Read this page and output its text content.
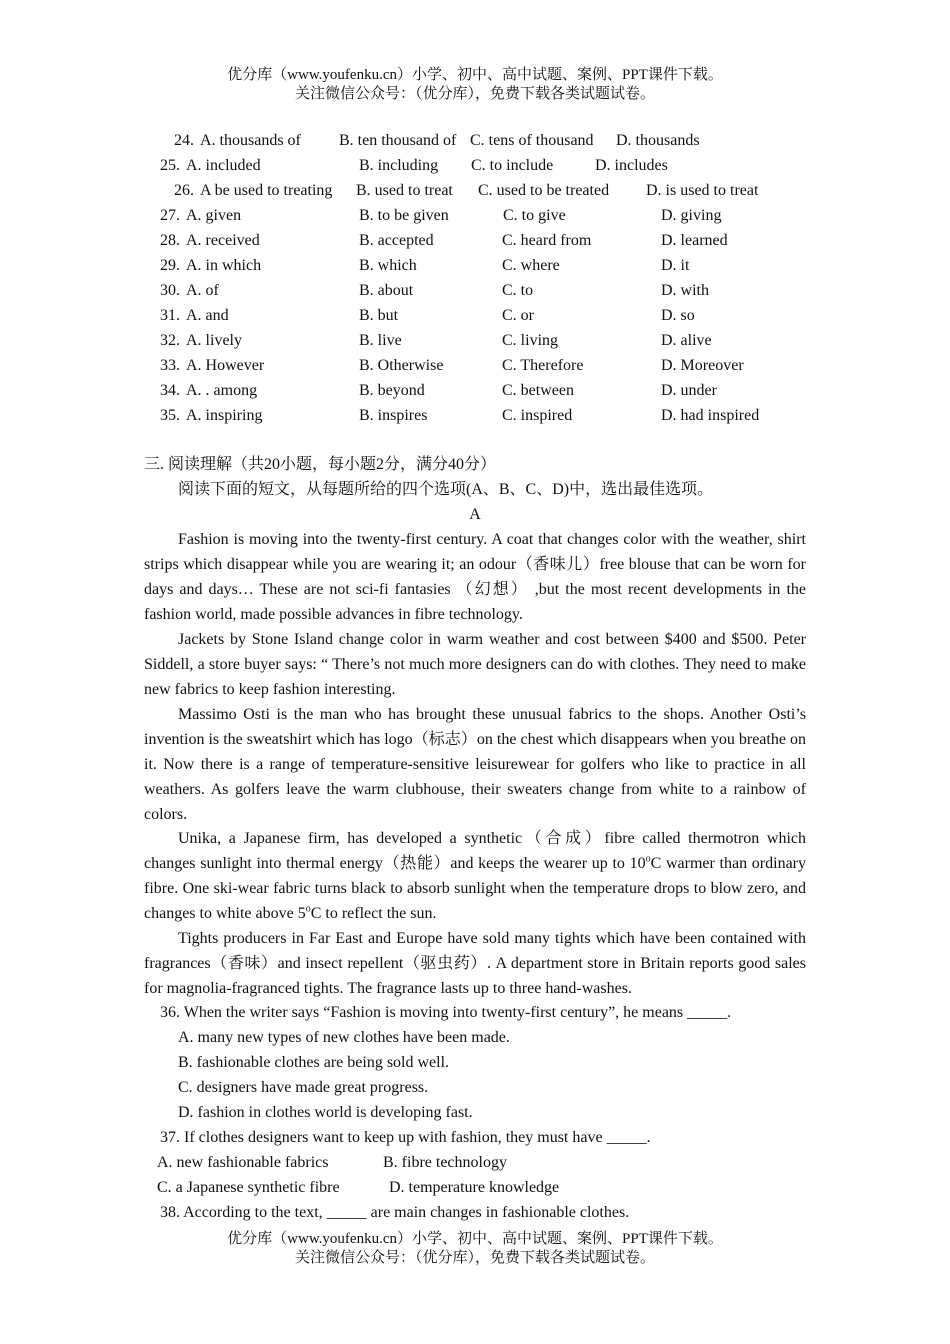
优分库（www.youfenku.cn）小学、初中、高中试题、案例、PPT课件下载。
关注微信公众号：（优分库），免费下载各类试题试卷。
24. A. thousands of B. ten thousand of C. tens of thousand D. thousands
25. A. included	B. including C. to include	D. includes
26. A be used to treating B. used to treat C. used to be treated D. is used to treat
27. A. given	B. to be given	C. to give	D. giving
28. A. received	B. accepted	C. heard from	D. learned
29. A. in which	B. which	C. where	D. it
30. A. of	B. about	C. to	D. with
31. A. and	B. but	C. or	D. so
32. A. lively	B. live	C. living	D. alive
33. A. However	B. Otherwise	C. Therefore	D. Moreover
34. A. . among	B. beyond	C. between	D. under
35. A. inspiring	B. inspires	C. inspired	D. had inspired
三. 阅读理解（共20小题，每小题2分，满分40分）
阅读下面的短文，从每题所给的四个选项(A、B、C、D)中，选出最佳选项。
A

Fashion is moving into the twenty-first century. A coat that changes color with the weather, shirt strips which disappear while you are wearing it; an odour（香味儿）free blouse that can be worn for days and days… These are not sci-fi fantasies （幻想） ,but the most recent developments in the fashion world, made possible advances in fibre technology.

Jackets by Stone Island change color in warm weather and cost between $400 and $500. Peter Siddell, a store buyer says: “ There’s not much more designers can do with clothes. They need to make new fabrics to keep fashion interesting.

Massimo Osti is the man who has brought these unusual fabrics to the shops. Another Osti’s invention is the sweatshirt which has logo（标志）on the chest which disappears when you breathe on it. Now there is a range of temperature-sensitive leisurewear for golfers who like to practice in all weathers. As golfers leave the warm clubhouse, their sweaters change from white to a rainbow of colors.

Unika, a Japanese firm, has developed a synthetic（合成）fibre called thermotron which changes sunlight into thermal energy（热能）and keeps the wearer up to 10$^o$C warmer than ordinary fibre. One ski-wear fabric turns black to absorb sunlight when the temperature drops to blow zero, and changes to white above 5$^o$C to reflect the sun.

Tights producers in Far East and Europe have sold many tights which have been contained with fragrances（香味）and insect repellent（驱虫药）. A department store in Britain reports good sales for magnolia-fragranced tights. The fragrance lasts up to three hand-washes.

36. When the writer says “Fashion is moving into twenty-first century”, he means _____.
A. many new types of new clothes have been made.
B. fashionable clothes are being sold well.
C. designers have made great progress.
D. fashion in clothes world is developing fast.
37. If clothes designers want to keep up with fashion, they must have _____.
A. new fashionable fabrics	B. fibre technology
C. a Japanese synthetic fibre	D. temperature knowledge
38. According to the text, _____ are main changes in fashionable clothes.
优分库（www.youfenku.cn）小学、初中、高中试题、案例、PPT课件下载。
关注微信公众号：（优分库），免费下载各类试题试卷。
